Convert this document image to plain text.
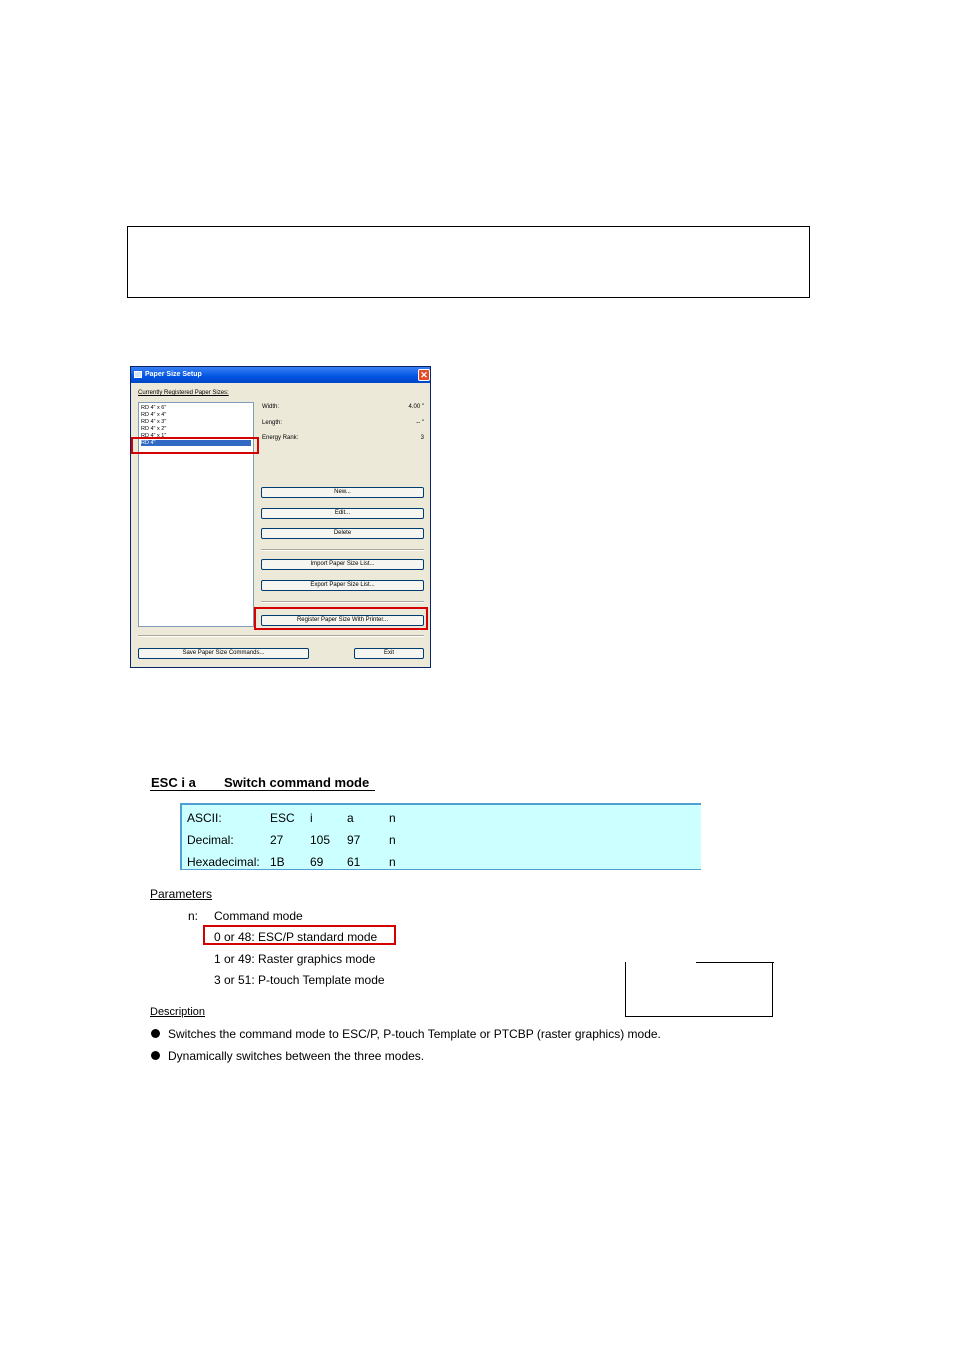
Paper Size Setup	✕
Currently Registered Paper Sizes:
RD 4" x 6"
RD 4" x 4"
RD 4" x 3"
RD 4" x 2"
RD 4" x 1"
RD 4"
Width:	4.00 "
Length:	-- "
Energy Rank:	3
New...
Edit...
Delete
Import Paper Size List...
Export Paper Size List...
Register Paper Size With Printer...
Save Paper Size Commands...	Exit
ESC i a Switch command mode
ASCII:	ESC i	a	n
Decimal:	27 105 97 n
Hexadecimal: 1B 69 61 n
Parameters
n: Command mode
0 or 48: ESC/P standard mode
1 or 49: Raster graphics mode
3 or 51: P-touch Template mode
Description
Switches the command mode to ESC/P, P-touch Template or PTCBP (raster graphics) mode.
Dynamically switches between the three modes.
